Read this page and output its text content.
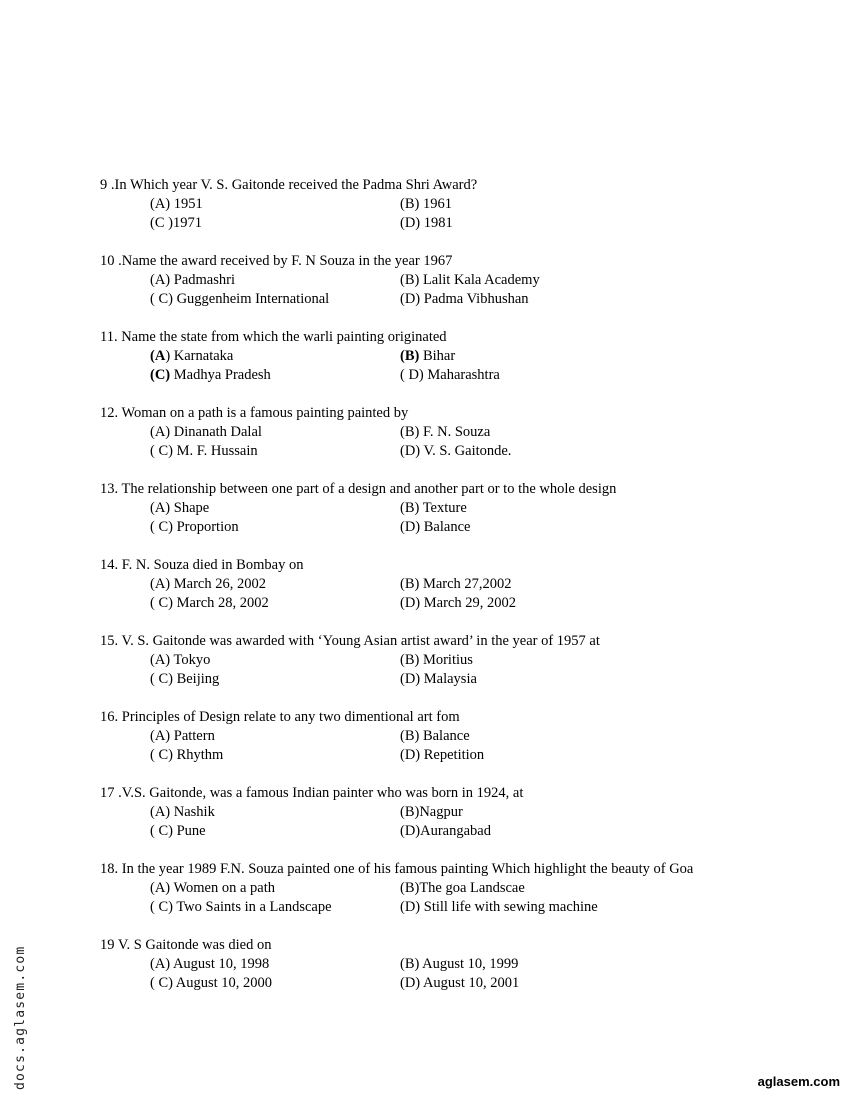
9 .In Which year V. S. Gaitonde received the Padma Shri Award?
(A) 1951	(B) 1961
(C )1971	(D) 1981
10 .Name the award received by F. N Souza in the year 1967
(A) Padmashri	(B) Lalit Kala Academy
( C) Guggenheim International	(D) Padma Vibhushan
11. Name the state from which the warli painting originated
(A) Karnataka	(B) Bihar
(C) Madhya Pradesh	( D) Maharashtra
12. Woman on a path is a famous painting painted by
(A) Dinanath Dalal	(B) F. N. Souza
( C) M. F. Hussain	(D) V. S. Gaitonde.
13. The relationship between one part of a design and another part or to the whole design
(A) Shape	(B) Texture
( C) Proportion	(D) Balance
14. F. N. Souza died in Bombay on
(A) March 26, 2002	(B) March 27,2002
( C) March 28, 2002	(D) March 29, 2002
15. V. S. Gaitonde was awarded with ‘Young Asian artist award’ in the year of 1957 at
(A) Tokyo	(B) Moritius
( C) Beijing	(D) Malaysia
16. Principles of Design relate to any two dimentional art fom
(A) Pattern	(B) Balance
( C) Rhythm	(D) Repetition
17 .V.S. Gaitonde, was a famous Indian painter who was born in 1924, at
(A) Nashik	(B)Nagpur
( C) Pune	(D)Aurangabad
18. In the year 1989 F.N. Souza painted one of his famous painting Which highlight the beauty of Goa
(A) Women on a path	(B)The goa Landscae
( C) Two Saints in a Landscape	(D) Still life with sewing machine
19 V. S Gaitonde was died on
(A) August 10, 1998	(B) August 10, 1999
( C) August 10, 2000	(D) August 10, 2001
docs.aglasem.com	aglasem.com
